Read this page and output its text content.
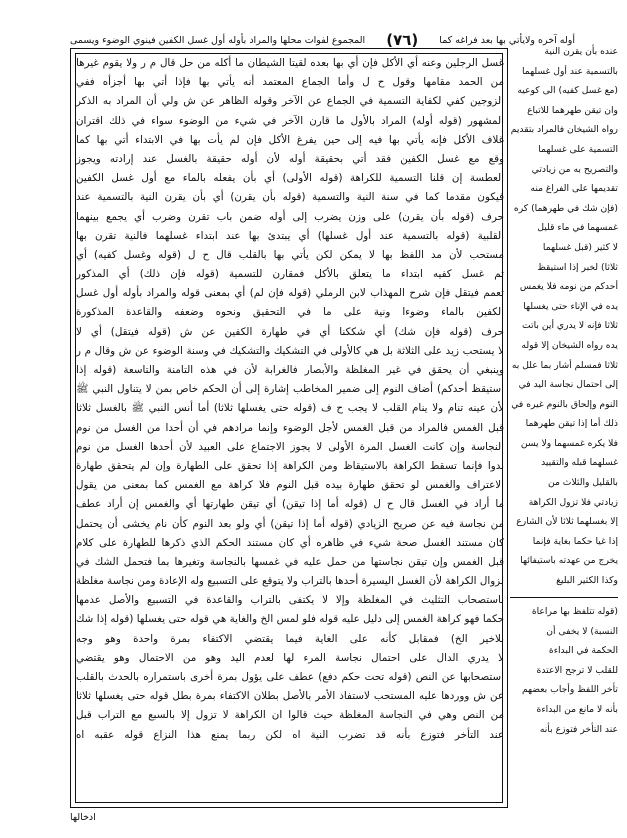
أوله آخره ولايأتي بها بعد فراغه كما
(٧٦)
المجموع لفوات محلها والمراد بأوله أول غسل الكفين فينوي الوضوء ويسمى

غسل الرجلين وعنه أي الأكل فإن أي بها بعده لقيتا الشيطان ما أكله من حل قال م ر ولا يقوم غيرها

من الحمد مقامها وقول ح ل وأما الجماع المعتمد أنه يأتي بها فإذا أتي بها أجزأه ففي

الزوجين كفي لكفاية التسمية في الجماع عن الآخر وقوله الظاهر عن ش ولي أن المراد به الذكر

المشهور (قوله أوله) المراد بالأول ما قارن الآخر في شيء من الوضوء سواء في ذلك اقتران

غلاف الأكل فإنه يأتي بها فيه إلى حين يفرغ الأكل فإن لم يأت بها في الابتداء أتي بها كما

وقع مع غسل الكفين فقد أتي بحقيقة أوله لأن أوله حقيقة بالغسل عند إرادته ويجوز

العطسة إن قلنا التسمية للكراهة (قوله الأولى) أي بأن يفعله بالماء مع أول غسل الكفين

فيكون مقدما كما في سنة النية والتسمية (قوله بأن يقرن) أي بأن يقرن النية بالتسمية عند

حرف (قوله بأن يقرن) على وزن يضرب إلى أوله ضمن باب تقرن وضرب أي يجمع بينهما

القلبية (قوله بالتسمية عند أول غسلها) أي يبتدئ بها عند ابتداء غسلهما فالنية تقرن بها

مستحب لأن مد اللفظ بها لا يمكن لكن يأتي بها بالقلب قال ح ل (قوله وغسل كفيه) أي

ثم غسل كفيه ابتداء ما يتعلق بالأكل فمقارن للتسمية (قوله فإن ذلك) أي المذكور

تعمم فيتقل فإن شرح المهذاب لابن الرملي (قوله فإن لم) أي بمعنى قوله والمراد بأوله أول غسل

الكفين بالماء وضوءا ونية على ما في التحقيق ونحوه وضعفه والقاعدة المذكورة

حرف (قوله فإن شك) أي شككنا أي في طهارة الكفين عن ش (قوله فيتقل) أي لا

لا يستحب زيد على الثلاثة بل هي كالأولى في التشكيك والتشكيك في وسنة الوضوء عن ش وقال م ر

وينبغي أن يحقق في غير المغلظة والأبصار فالغرابة لأن في هذه التامنة والتاسعة (قوله إذا

استيقظ أحدكم) أضاف النوم إلى ضمير المخاطب إشارة إلى أن الحكم خاص بمن لا يتناول النبي ﷺ

لأن عينه تنام ولا ينام القلب لا يجب ح ف (قوله حتى يغسلها ثلاثا) أما أنس النبي ﷺ بالغسل ثلاثا

قبل الغمس فالمراد من قبل الغمس لأجل الوضوء وإنما مرادهم في أن أحدا من الغسل من نوم

النجاسة وإن كانت الغسل المرة الأولى لا يجوز الاجتماع على العبيد لأن أحدها الغسل من نوم

بدوا فإنما تسقط الكراهة بالاستيقاظ ومن الكراهة إذا تحقق على الطهارة وإن لم يتحقق طهارة

الاعتراف والغمس لو تحقق طهارة بيده قبل النوم فلا كراهة مع الغمس كما بمعنى من يقول

ما أراد في الغسل قال ح ل (قوله أما إذا تيقن) أي تيقن طهارتها أي والغمس إن أراد عطف

من نجاسة فيه عن صريح الزيادي (قوله أما إذا تيقن) أي ولو بعد النوم كأن نام يخشى أن يحتمل

كان مستند الغسل صحة شيء في ظاهره أي كان مستند الحكم الذي ذكرها للطهارة على كلام

قبل الغمس وإن تيقن نجاستها من حمل عليه في غمسها بالنجاسة وتغيرها بما فتحمل الشك في

لزوال الكراهة لأن الغسل اليسيرة أحدها بالتراب ولا يتوقع على التسبيع وله الإعادة ومن نجاسة مغلظة

باستصحاب التثليث في المغلظة وإلا لا يكتفى بالتراب والقاعدة في التسبيع والأصل عدمها

حكما فهو كراهة الغمس إلى دليل عليه قوله فلو لمس الخ والغاية هي قوله حتى يغسلها (قوله إذا شك

بلاخير الخ) فمقابل كأنه على الغاية فيما يقتضي الاكتفاء بمرة واحدة وهو وجه

لا يدري الدال على احتمال نجاسة المرء لها لعدم اليد وهو من الاحتمال وهو يقتضي

استصحابها عن النص (قوله تحت حكم دفع) عطف على يؤول بمرة أخرى باستمراره بالحدث بالقلب

عن ش ووردها عليه المستحب لاستفاد الأمر بالأصل بطلان الاكتفاء بمرة بطل قوله حتى يغسلها ثلاثا

من النص وهي في النجاسة المغلظة حيث قالوا ان الكراهة لا تزول إلا بالسبع مع التراب قبل

عند التأخر فتوزع بأنه قد تضرب النية اه لكن ربما يمنع هذا النزاع قوله عقبه اه

عنده بأن يقرن النية

بالتسمية عند أول غسلهما

(مع غسل كفيه) الى كوعيه

وان تيقن طهرهما للاتباع

رواه الشيخان فالمراد بتقديم

التسمية على غسلهما

والتصريح به من زيادتي

تقديمها على الفراغ منه

(فإن شك في طهرهما) كره

غمسهما في ماء قليل

لا كثير (قبل غسلهما

ثلاثا) لخبر إذا استيقظ

أحدكم من نومه فلا يغمس

يده في الإناء حتى يغسلها

ثلاثا فإنه لا يدري أين باتت

يده رواه الشيخان إلا قوله

ثلاثا فمسلم أشار بما علل به

إلى احتمال نجاسة اليد في

النوم وإلحاق بالنوم غيره في

ذلك أما إذا تيقن طهرهما

فلا يكره غمسهما ولا يسن

غسلهما قبله والتقييد

بالقليل والثلاث من

زيادتي فلا تزول الكراهة

إلا بغسلهما ثلاثا لأن الشارع

إذا غيا حكما بغاية فإنما

يخرج من عهدته باستيفائها

وكذا الكثير البليغ

(قوله تتلفظ بها مراعاة

النسبة) لا يخفى أن

الحكمة في البداءة

للقلب لا ترجح الاعتدة

تأخر اللفظ وأجاب بعضهم

بأنه لا مانع من البداءة

عند التأخر فتوزع بأنه

ادخالها
